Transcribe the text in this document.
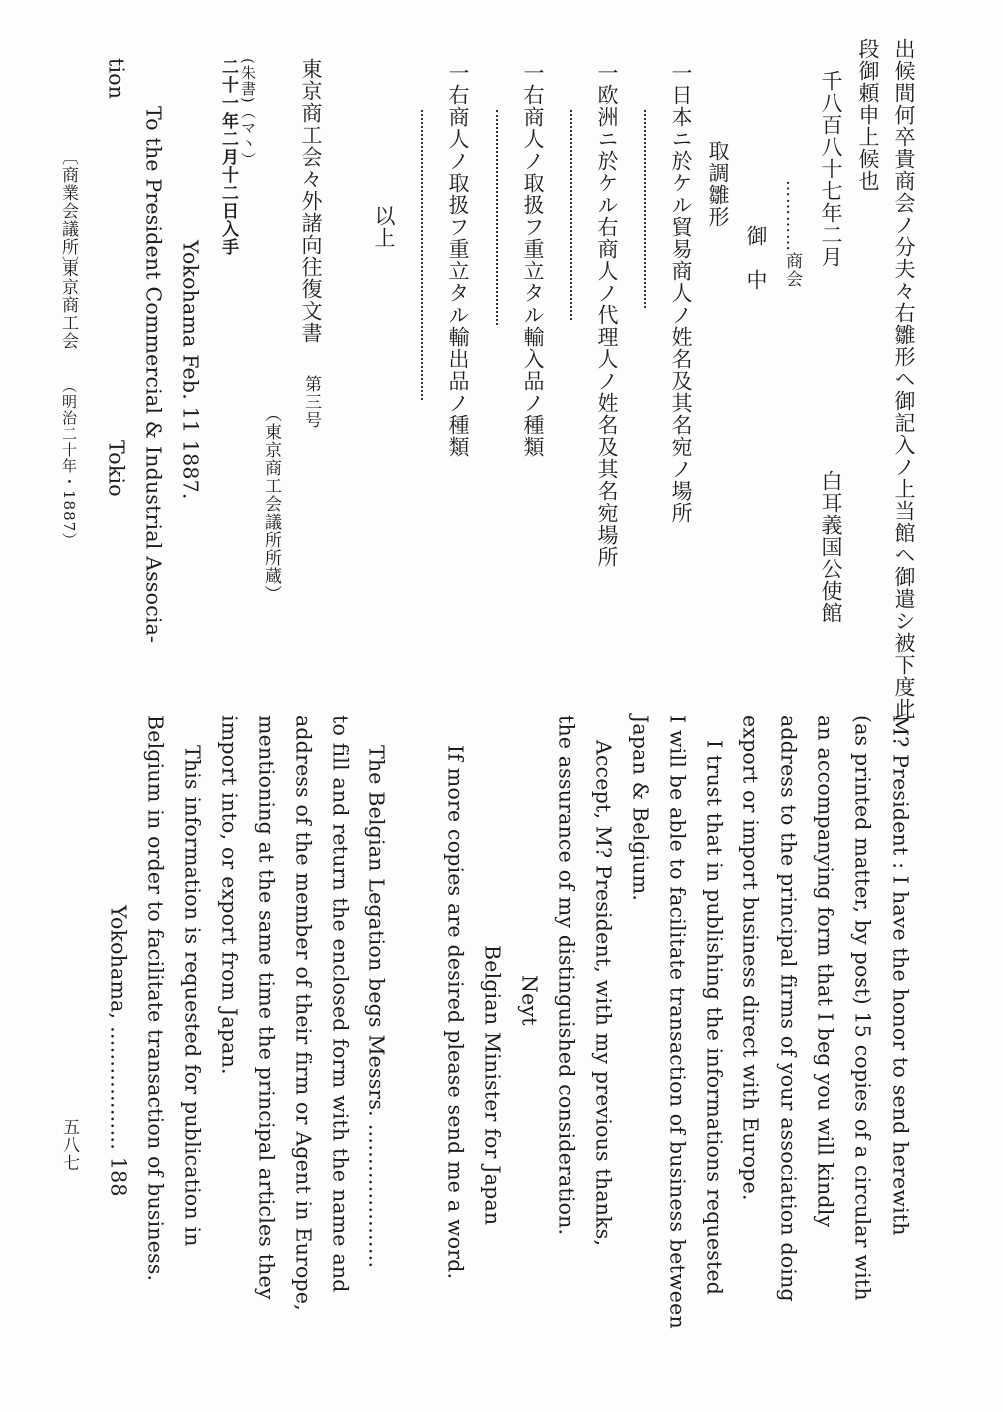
出候間何卒貴商会ノ分夫々右雛形ヘ御記入ノ上当館ヘ御遣シ被下度此
段御頼申上候也
千八百八十七年二月
白耳義国公使館
…………
商会
御　中
取調雛形
一日本ニ於ケル貿易商人ノ姓名及其名宛ノ場所
一欧洲ニ於ケル右商人ノ代理人ノ姓名及其名宛場所
一右商人ノ取扱フ重立タル輸入品ノ種類
一右商人ノ取扱フ重立タル輸出品ノ種類
以上
東京商工会々外諸向往復文書
第三号
（東京商工会議所所蔵）
(朱書)（マ丶）
二十一年二月十二日入手
Yokohama Feb. 11 1887.
To the President Commercial & Industrial Associa-
tion
Tokio
〔商業会議所〕
東京商工会
（明治二十年・1887）
M? President : I have the honor to send herewith
(as printed matter, by post) 15 copies of a circular with
an accompanying form that I beg you will kindly
address to the principal firms of your association doing
export or import business direct with Europe.
I trust that in publishing the informations requested
I will be able to facilitate transaction of business between
Japan & Belgium.
Accept, M? President, with my previous thanks,
the assurance of my distinguished consideration.
Neyt
Belgian Minister for Japan
If more copies are desired please send me a word.
The Belgian Legation begs Messrs. …………………
to fill and return the enclosed form with the name and
address of the member of their firm or Agent in Europe,
mentioning at the same time the principal articles they
import into, or export from Japan.
This information is requested for publication in
Belgium in order to facilitate transaction of business.
Yokohama, ……………… 188
五八七
